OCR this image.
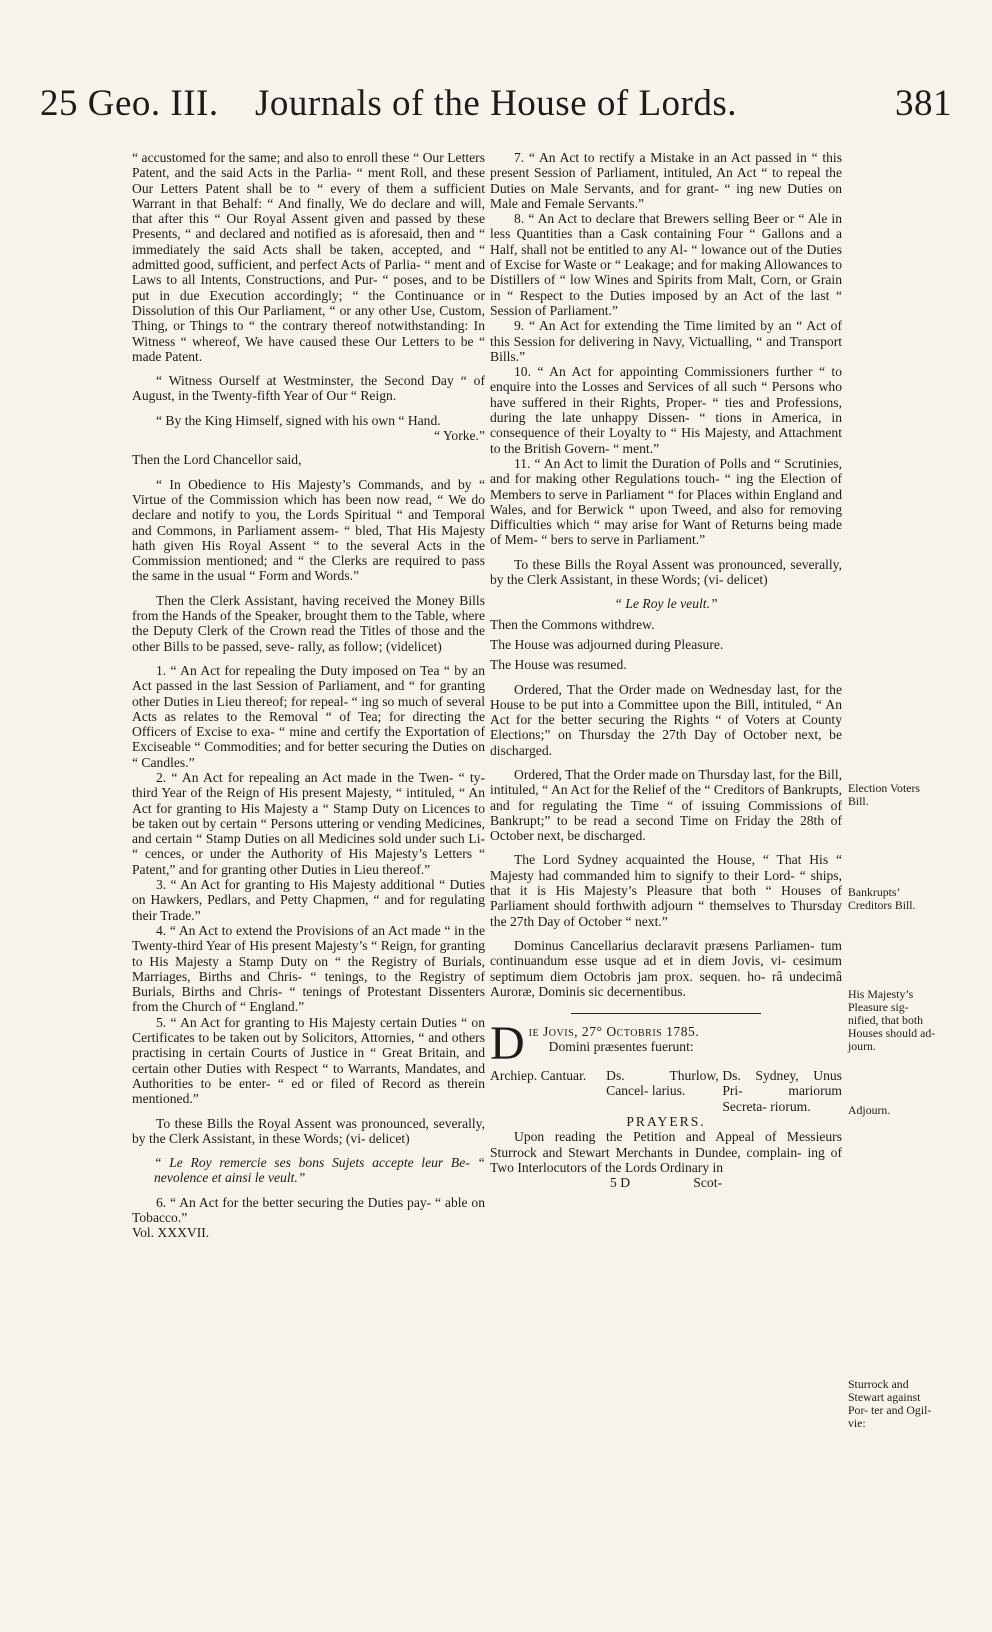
25 Geo. III. Journals of the House of Lords.	381

“ accustomed for the same; and also to enroll these “ Our Letters Patent, and the said Acts in the Parlia- “ ment Roll, and these Our Letters Patent shall be to “ every of them a sufficient Warrant in that Behalf: “ And finally, We do declare and will, that after this “ Our Royal Assent given and passed by these Presents, “ and declared and notified as is aforesaid, then and “ immediately the said Acts shall be taken, accepted, and “ admitted good, sufficient, and perfect Acts of Parlia- “ ment and Laws to all Intents, Constructions, and Pur- “ poses, and to be put in due Execution accordingly; “ the Continuance or Dissolution of this Our Parliament, “ or any other Use, Custom, Thing, or Things to “ the contrary thereof notwithstanding: In Witness “ whereof, We have caused these Our Letters to be “ made Patent.

“ Witness Ourself at Westminster, the Second Day “ of August, in the Twenty-fifth Year of Our “ Reign.

“ By the King Himself, signed with his own “ Hand.
“ Yorke.”

Then the Lord Chancellor said,

“ In Obedience to His Majesty’s Commands, and by “ Virtue of the Commission which has been now read, “ We do declare and notify to you, the Lords Spiritual “ and Temporal and Commons, in Parliament assem- “ bled, That His Majesty hath given His Royal Assent “ to the several Acts in the Commission mentioned; and “ the Clerks are required to pass the same in the usual “ Form and Words.”

Then the Clerk Assistant, having received the Money Bills from the Hands of the Speaker, brought them to the Table, where the Deputy Clerk of the Crown read the Titles of those and the other Bills to be passed, seve- rally, as follow; (videlicet)

1. “ An Act for repealing the Duty imposed on Tea “ by an Act passed in the last Session of Parliament, and “ for granting other Duties in Lieu thereof; for repeal- “ ing so much of several Acts as relates to the Removal “ of Tea; for directing the Officers of Excise to exa- “ mine and certify the Exportation of Exciseable “ Commodities; and for better securing the Duties on “ Candles.”

2. “ An Act for repealing an Act made in the Twen- “ ty-third Year of the Reign of His present Majesty, “ intituled, “ An Act for granting to His Majesty a “ Stamp Duty on Licences to be taken out by certain “ Persons uttering or vending Medicines, and certain “ Stamp Duties on all Medicines sold under such Li- “ cences, or under the Authority of His Majesty’s Letters “ Patent,” and for granting other Duties in Lieu thereof.”

3. “ An Act for granting to His Majesty additional “ Duties on Hawkers, Pedlars, and Petty Chapmen, “ and for regulating their Trade.”

4. “ An Act to extend the Provisions of an Act made “ in the Twenty-third Year of His present Majesty’s “ Reign, for granting to His Majesty a Stamp Duty on “ the Registry of Burials, Marriages, Births and Chris- “ tenings, to the Registry of Burials, Births and Chris- “ tenings of Protestant Dissenters from the Church of “ England.”

5. “ An Act for granting to His Majesty certain Duties “ on Certificates to be taken out by Solicitors, Attornies, “ and others practising in certain Courts of Justice in “ Great Britain, and certain other Duties with Respect “ to Warrants, Mandates, and Authorities to be enter- “ ed or filed of Record as therein mentioned.”

To these Bills the Royal Assent was pronounced, severally, by the Clerk Assistant, in these Words; (vi- delicet)

“ Le Roy remercie ses bons Sujets accepte leur Be- “ nevolence et ainsi le veult.”

6. “ An Act for the better securing the Duties pay- “ able on Tobacco.”

Vol. XXXVII.

7. “ An Act to rectify a Mistake in an Act passed in “ this present Session of Parliament, intituled, An Act “ to repeal the Duties on Male Servants, and for grant- “ ing new Duties on Male and Female Servants.”

8. “ An Act to declare that Brewers selling Beer or “ Ale in less Quantities than a Cask containing Four “ Gallons and a Half, shall not be entitled to any Al- “ lowance out of the Duties of Excise for Waste or “ Leakage; and for making Allowances to Distillers of “ low Wines and Spirits from Malt, Corn, or Grain in “ Respect to the Duties imposed by an Act of the last “ Session of Parliament.”

9. “ An Act for extending the Time limited by an “ Act of this Session for delivering in Navy, Victualling, “ and Transport Bills.”

10. “ An Act for appointing Commissioners further “ to enquire into the Losses and Services of all such “ Persons who have suffered in their Rights, Proper- “ ties and Professions, during the late unhappy Dissen- “ tions in America, in consequence of their Loyalty to “ His Majesty, and Attachment to the British Govern- “ ment.”

11. “ An Act to limit the Duration of Polls and “ Scrutinies, and for making other Regulations touch- “ ing the Election of Members to serve in Parliament “ for Places within England and Wales, and for Berwick “ upon Tweed, and also for removing Difficulties which “ may arise for Want of Returns being made of Mem- “ bers to serve in Parliament.”

To these Bills the Royal Assent was pronounced, severally, by the Clerk Assistant, in these Words; (vi- delicet)

“ Le Roy le veult.”

Then the Commons withdrew.

The House was adjourned during Pleasure.

The House was resumed.

Ordered, That the Order made on Wednesday last, for the House to be put into a Committee upon the Bill, intituled, “ An Act for the better securing the Rights “ of Voters at County Elections;” on Thursday the 27th Day of October next, be discharged.

Ordered, That the Order made on Thursday last, for the Bill, intituled, “ An Act for the Relief of the “ Creditors of Bankrupts, and for regulating the Time “ of issuing Commissions of Bankrupt;” to be read a second Time on Friday the 28th of October next, be discharged.

The Lord Sydney acquainted the House, “ That His “ Majesty had commanded him to signify to their Lord- “ ships, that it is His Majesty’s Pleasure that both “ Houses of Parliament should forthwith adjourn “ themselves to Thursday the 27th Day of October “ next.”

Dominus Cancellarius declaravit præsens Parliamen- tum continuandum esse usque ad et in diem Jovis, vi- cesimum septimum diem Octobris jam prox. sequen. ho- râ undecimâ Auroræ, Dominis sic decernentibus.

D ie Jovis, 27° Octobris 1785.

Domini præsentes fuerunt:

Archiep. Cantuar.	Ds. Thurlow, Cancel- larius.
Ds. Sydney, Unus Pri- mariorum Secreta- riorum.

PRAYERS.

Upon reading the Petition and Appeal of Messieurs Sturrock and Stewart Merchants in Dundee, complain- ing of Two Interlocutors of the Lords Ordinary in

5 D	Scot-
Election Voters Bill.
Bankrupts’ Creditors Bill.
His Majesty’s Pleasure sig- nified, that both Houses should ad- journ.
Adjourn.
Sturrock and Stewart against Por- ter and Ogil- vie:
